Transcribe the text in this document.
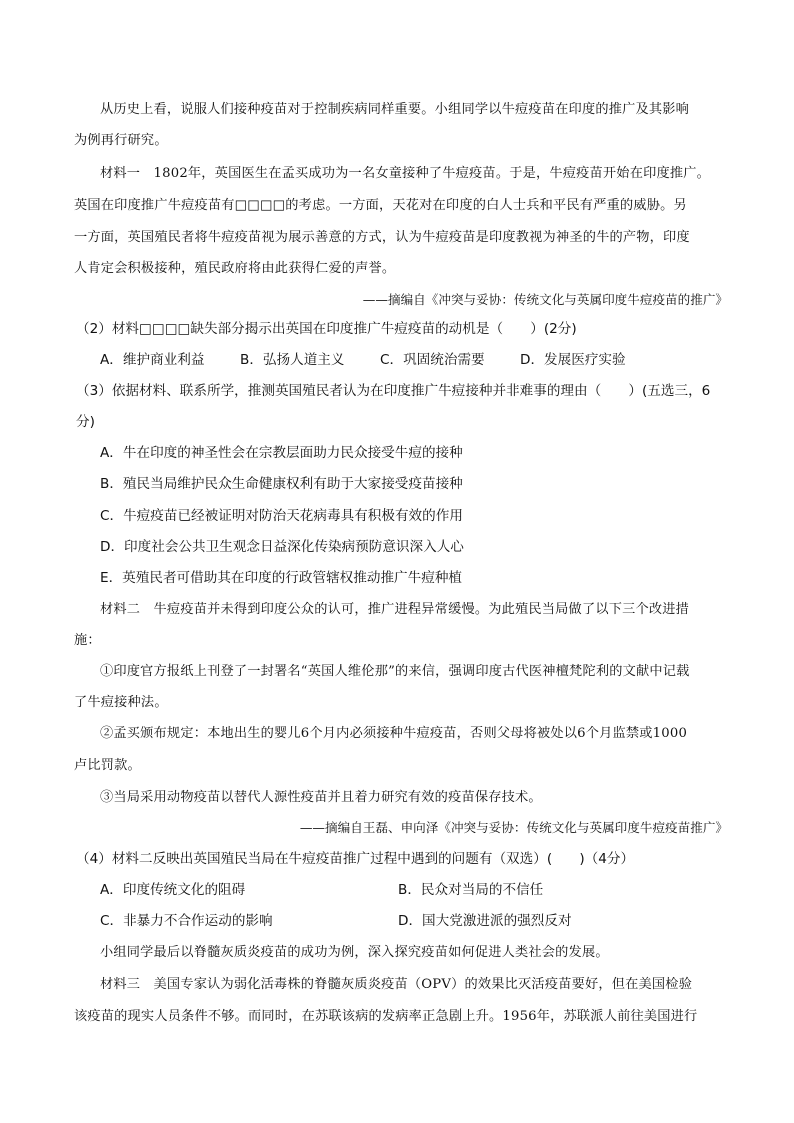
从历史上看，说服人们接种疫苗对于控制疾病同样重要。小组同学以牛痘疫苗在印度的推广及其影响
为例再行研究。
材料一　1802年，英国医生在孟买成功为一名女童接种了牛痘疫苗。于是，牛痘疫苗开始在印度推广。
英国在印度推广牛痘疫苗有□□□□的考虑。一方面，天花对在印度的白人士兵和平民有严重的威胁。另
一方面，英国殖民者将牛痘疫苗视为展示善意的方式，认为牛痘疫苗是印度教视为神圣的牛的产物，印度
人肯定会积极接种，殖民政府将由此获得仁爱的声誉。
——摘编自《冲突与妥协：传统文化与英属印度牛痘疫苗的推广》
（2）材料□□□□缺失部分揭示出英国在印度推广牛痘疫苗的动机是（　　）(2分)
A．维护商业利益	B．弘扬人道主义	C．巩固统治需要	D．发展医疗实验
（3）依据材料、联系所学，推测英国殖民者认为在印度推广牛痘接种并非难事的理由（　　）(五选三，6
分)
A．牛在印度的神圣性会在宗教层面助力民众接受牛痘的接种
B．殖民当局维护民众生命健康权利有助于大家接受疫苗接种
C．牛痘疫苗已经被证明对防治天花病毒具有积极有效的作用
D．印度社会公共卫生观念日益深化传染病预防意识深入人心
E．英殖民者可借助其在印度的行政管辖权推动推广牛痘种植
材料二　牛痘疫苗并未得到印度公众的认可，推广进程异常缓慢。为此殖民当局做了以下三个改进措
施：
①印度官方报纸上刊登了一封署名“英国人维伦那”的来信，强调印度古代医神檀梵陀利的文献中记载
了牛痘接种法。
②孟买颁布规定：本地出生的婴儿6个月内必须接种牛痘疫苗，否则父母将被处以6个月监禁或1000
卢比罚款。
③当局采用动物疫苗以替代人源性疫苗并且着力研究有效的疫苗保存技术。
——摘编自王磊、申向泽《冲突与妥协：传统文化与英属印度牛痘疫苗推广》
（4）材料二反映出英国殖民当局在牛痘疫苗推广过程中遇到的问题有（双选）(　　)（4分）
A．印度传统文化的阻碍	B．民众对当局的不信任
C．非暴力不合作运动的影响	D．国大党激进派的强烈反对
小组同学最后以脊髓灰质炎疫苗的成功为例，深入探究疫苗如何促进人类社会的发展。
材料三　美国专家认为弱化活毒株的脊髓灰质炎疫苗（OPV）的效果比灭活疫苗要好，但在美国检验
该疫苗的现实人员条件不够。而同时，在苏联该病的发病率正急剧上升。1956年，苏联派人前往美国进行
